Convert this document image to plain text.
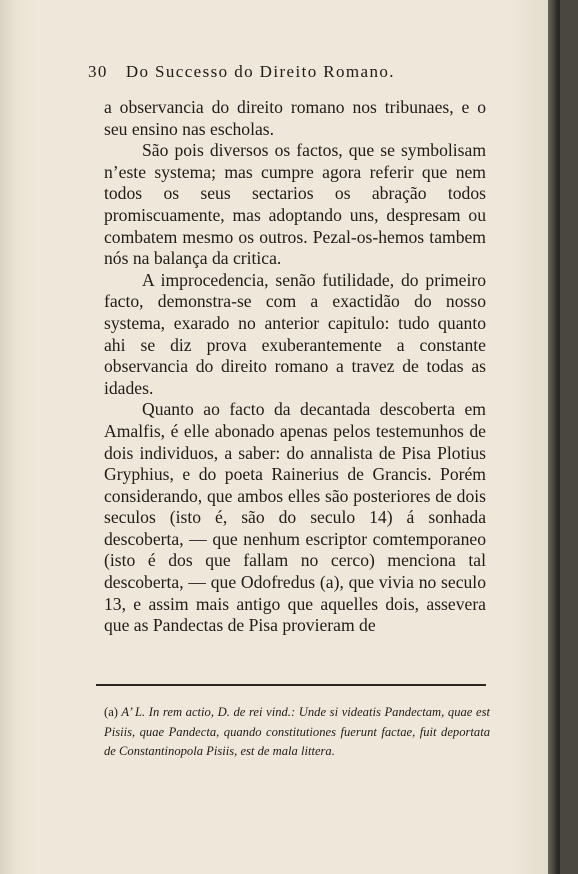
30 Do Successo do Direito Romano.

a observancia do direito romano nos tribunaes, e o seu ensino nas escholas.

São pois diversos os factos, que se symbolisam n’este systema; mas cumpre agora referir que nem todos os seus sectarios os abração todos promiscuamente, mas adoptando uns, despresam ou combatem mesmo os outros. Pezal-os-hemos tambem nós na balança da critica.

A improcedencia, senão futilidade, do primeiro facto, demonstra-se com a exactidão do nosso systema, exarado no anterior capitulo: tudo quanto ahi se diz prova exuberantemente a constante observancia do direito romano a travez de todas as idades.

Quanto ao facto da decantada descoberta em Amalfis, é elle abonado apenas pelos testemunhos de dois individuos, a saber: do annalista de Pisa Plotius Gryphius, e do poeta Rainerius de Grancis. Porém considerando, que ambos elles são posteriores de dois seculos (isto é, são do seculo 14) á sonhada descoberta, — que nenhum escriptor comtemporaneo (isto é dos que fallam no cerco) menciona tal descoberta, — que Odofredus (a), que vivia no seculo 13, e assim mais antigo que aquelles dois, assevera que as Pandectas de Pisa provieram de

(a) A’ L. In rem actio, D. de rei vind.: Unde si videatis Pandectam, quae est Pisiis, quae Pandecta, quando constitutiones fuerunt factae, fuit deportata de Constantinopola Pisiis, est de mala littera.
